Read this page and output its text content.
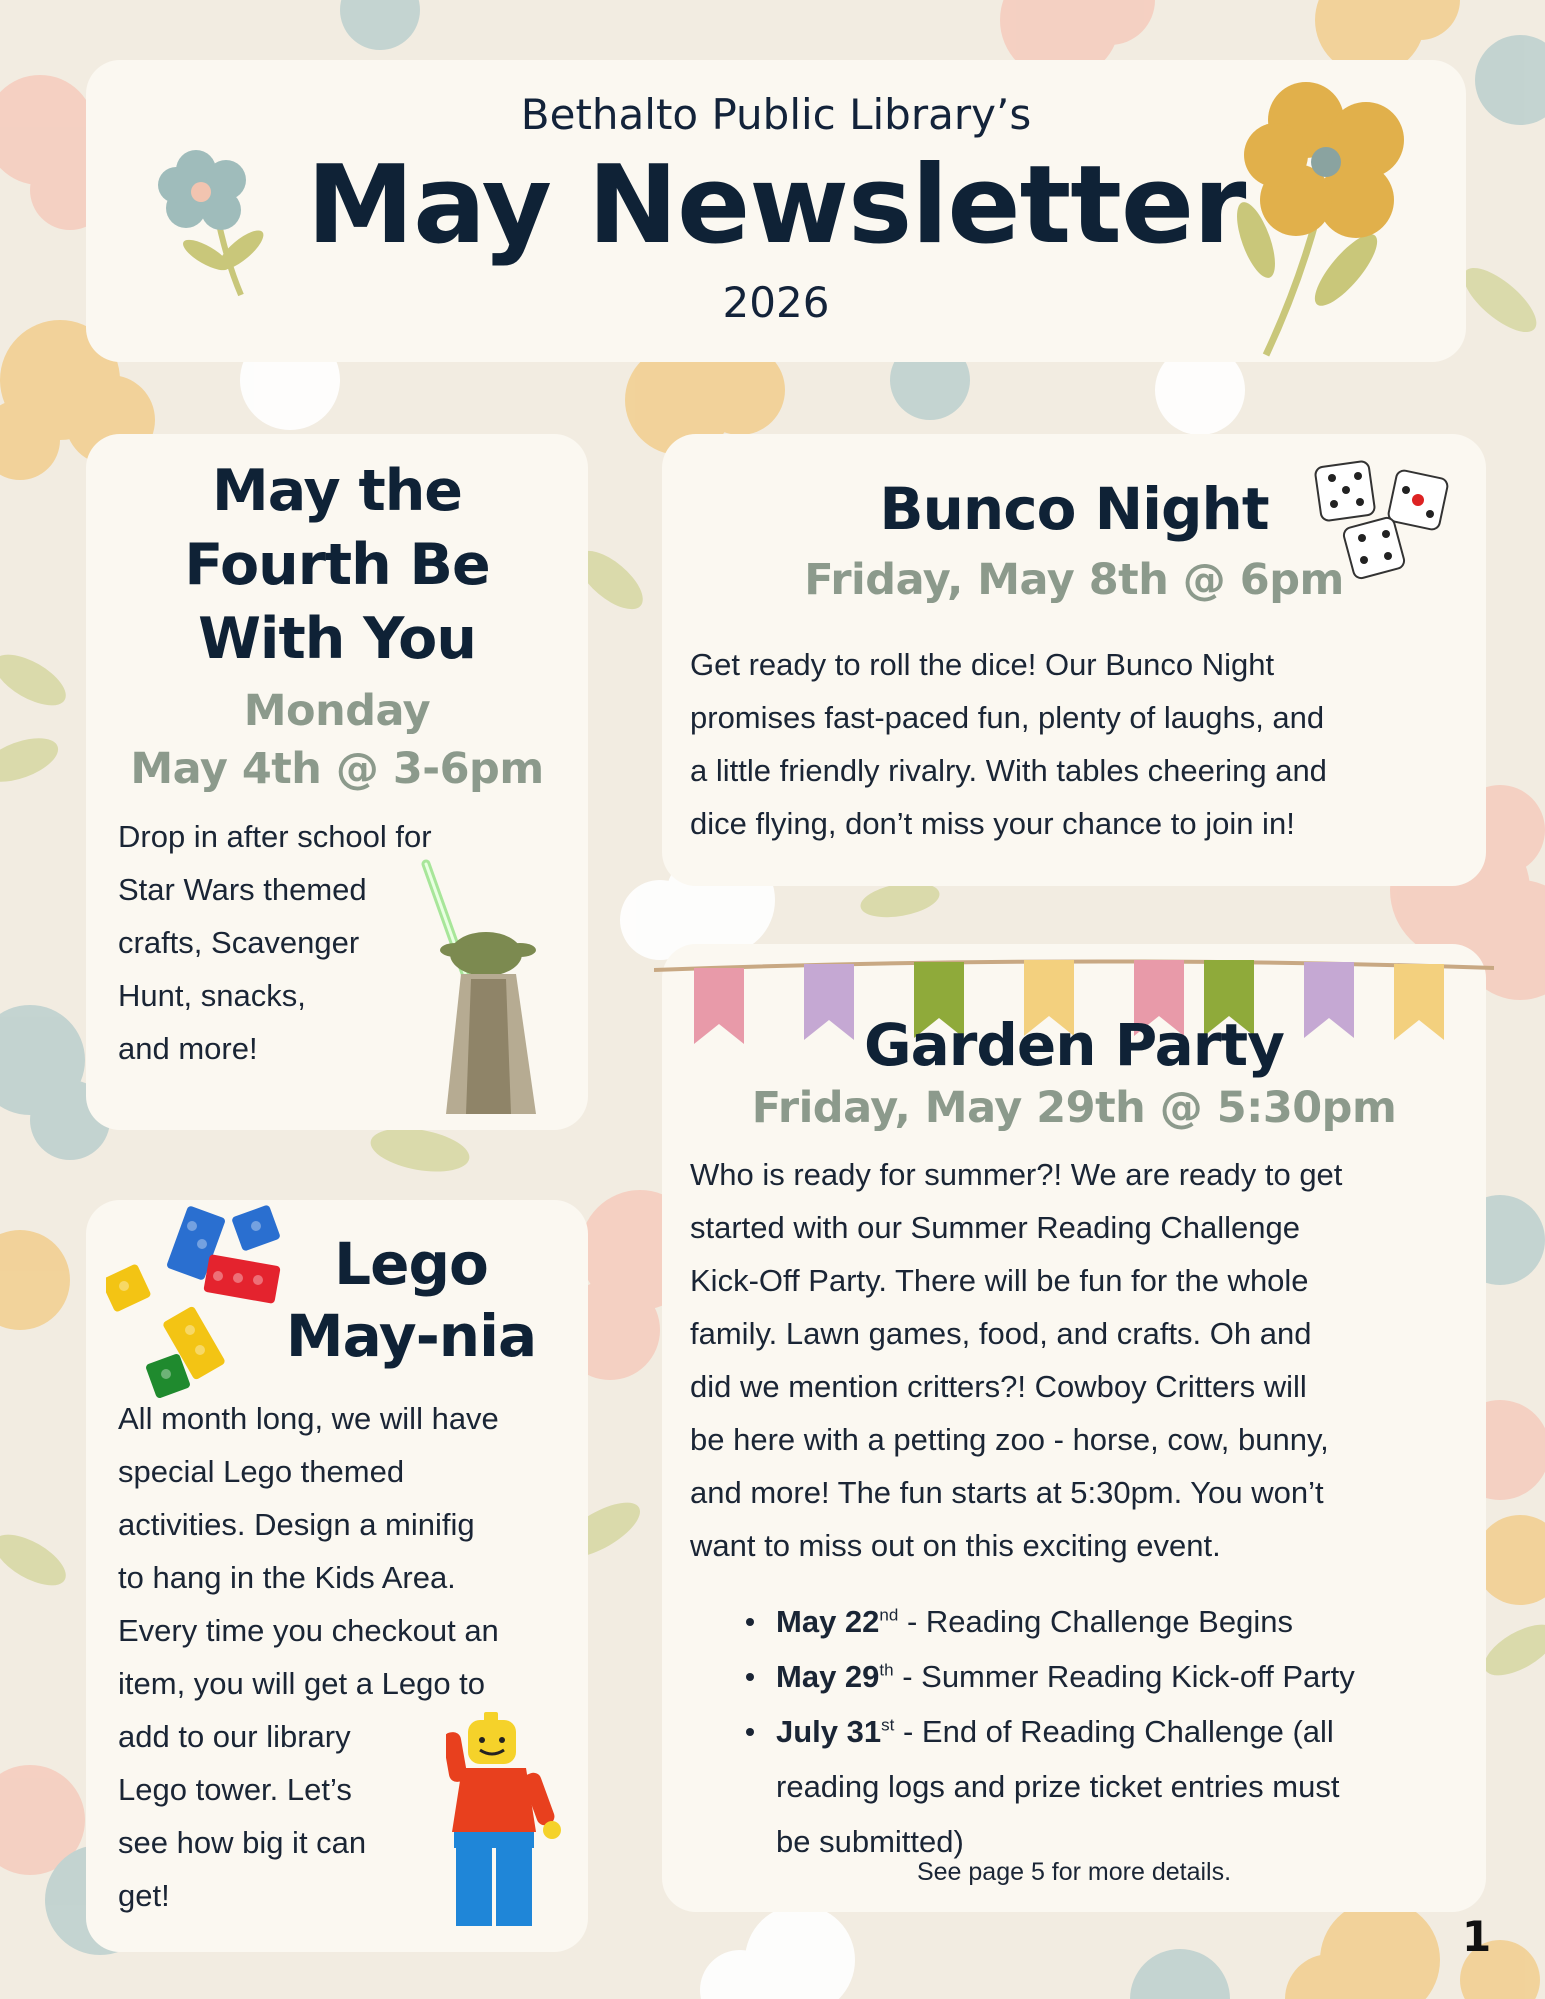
Bethalto Public Library’s
May Newsletter
2026
May the
Fourth Be
With You
Monday
May 4th @ 3-6pm
Drop in after school for
Star Wars themed
crafts, Scavenger
Hunt, snacks,
and more!
Bunco Night
Friday, May 8th @ 6pm
Get ready to roll the dice! Our Bunco Night
promises fast-paced fun, plenty of laughs, and
a little friendly rivalry. With tables cheering and
dice flying, don’t miss your chance to join in!
Lego
May-nia
All month long, we will have
special Lego themed
activities. Design a minifig
to hang in the Kids Area.
Every time you checkout an
item, you will get a Lego to
add to our library
Lego tower. Let’s
see how big it can
get!
Garden Party
Friday, May 29th @ 5:30pm
Who is ready for summer?! We are ready to get
started with our Summer Reading Challenge
Kick-Off Party. There will be fun for the whole
family. Lawn games, food, and crafts. Oh and
did we mention critters?! Cowboy Critters will
be here with a petting zoo - horse, cow, bunny,
and more! The fun starts at 5:30pm. You won’t
want to miss out on this exciting event.
May 22nd - Reading Challenge Begins
May 29th - Summer Reading Kick-off Party
July 31st - End of Reading Challenge (all
reading logs and prize ticket entries must
be submitted)
See page 5 for more details.
1
